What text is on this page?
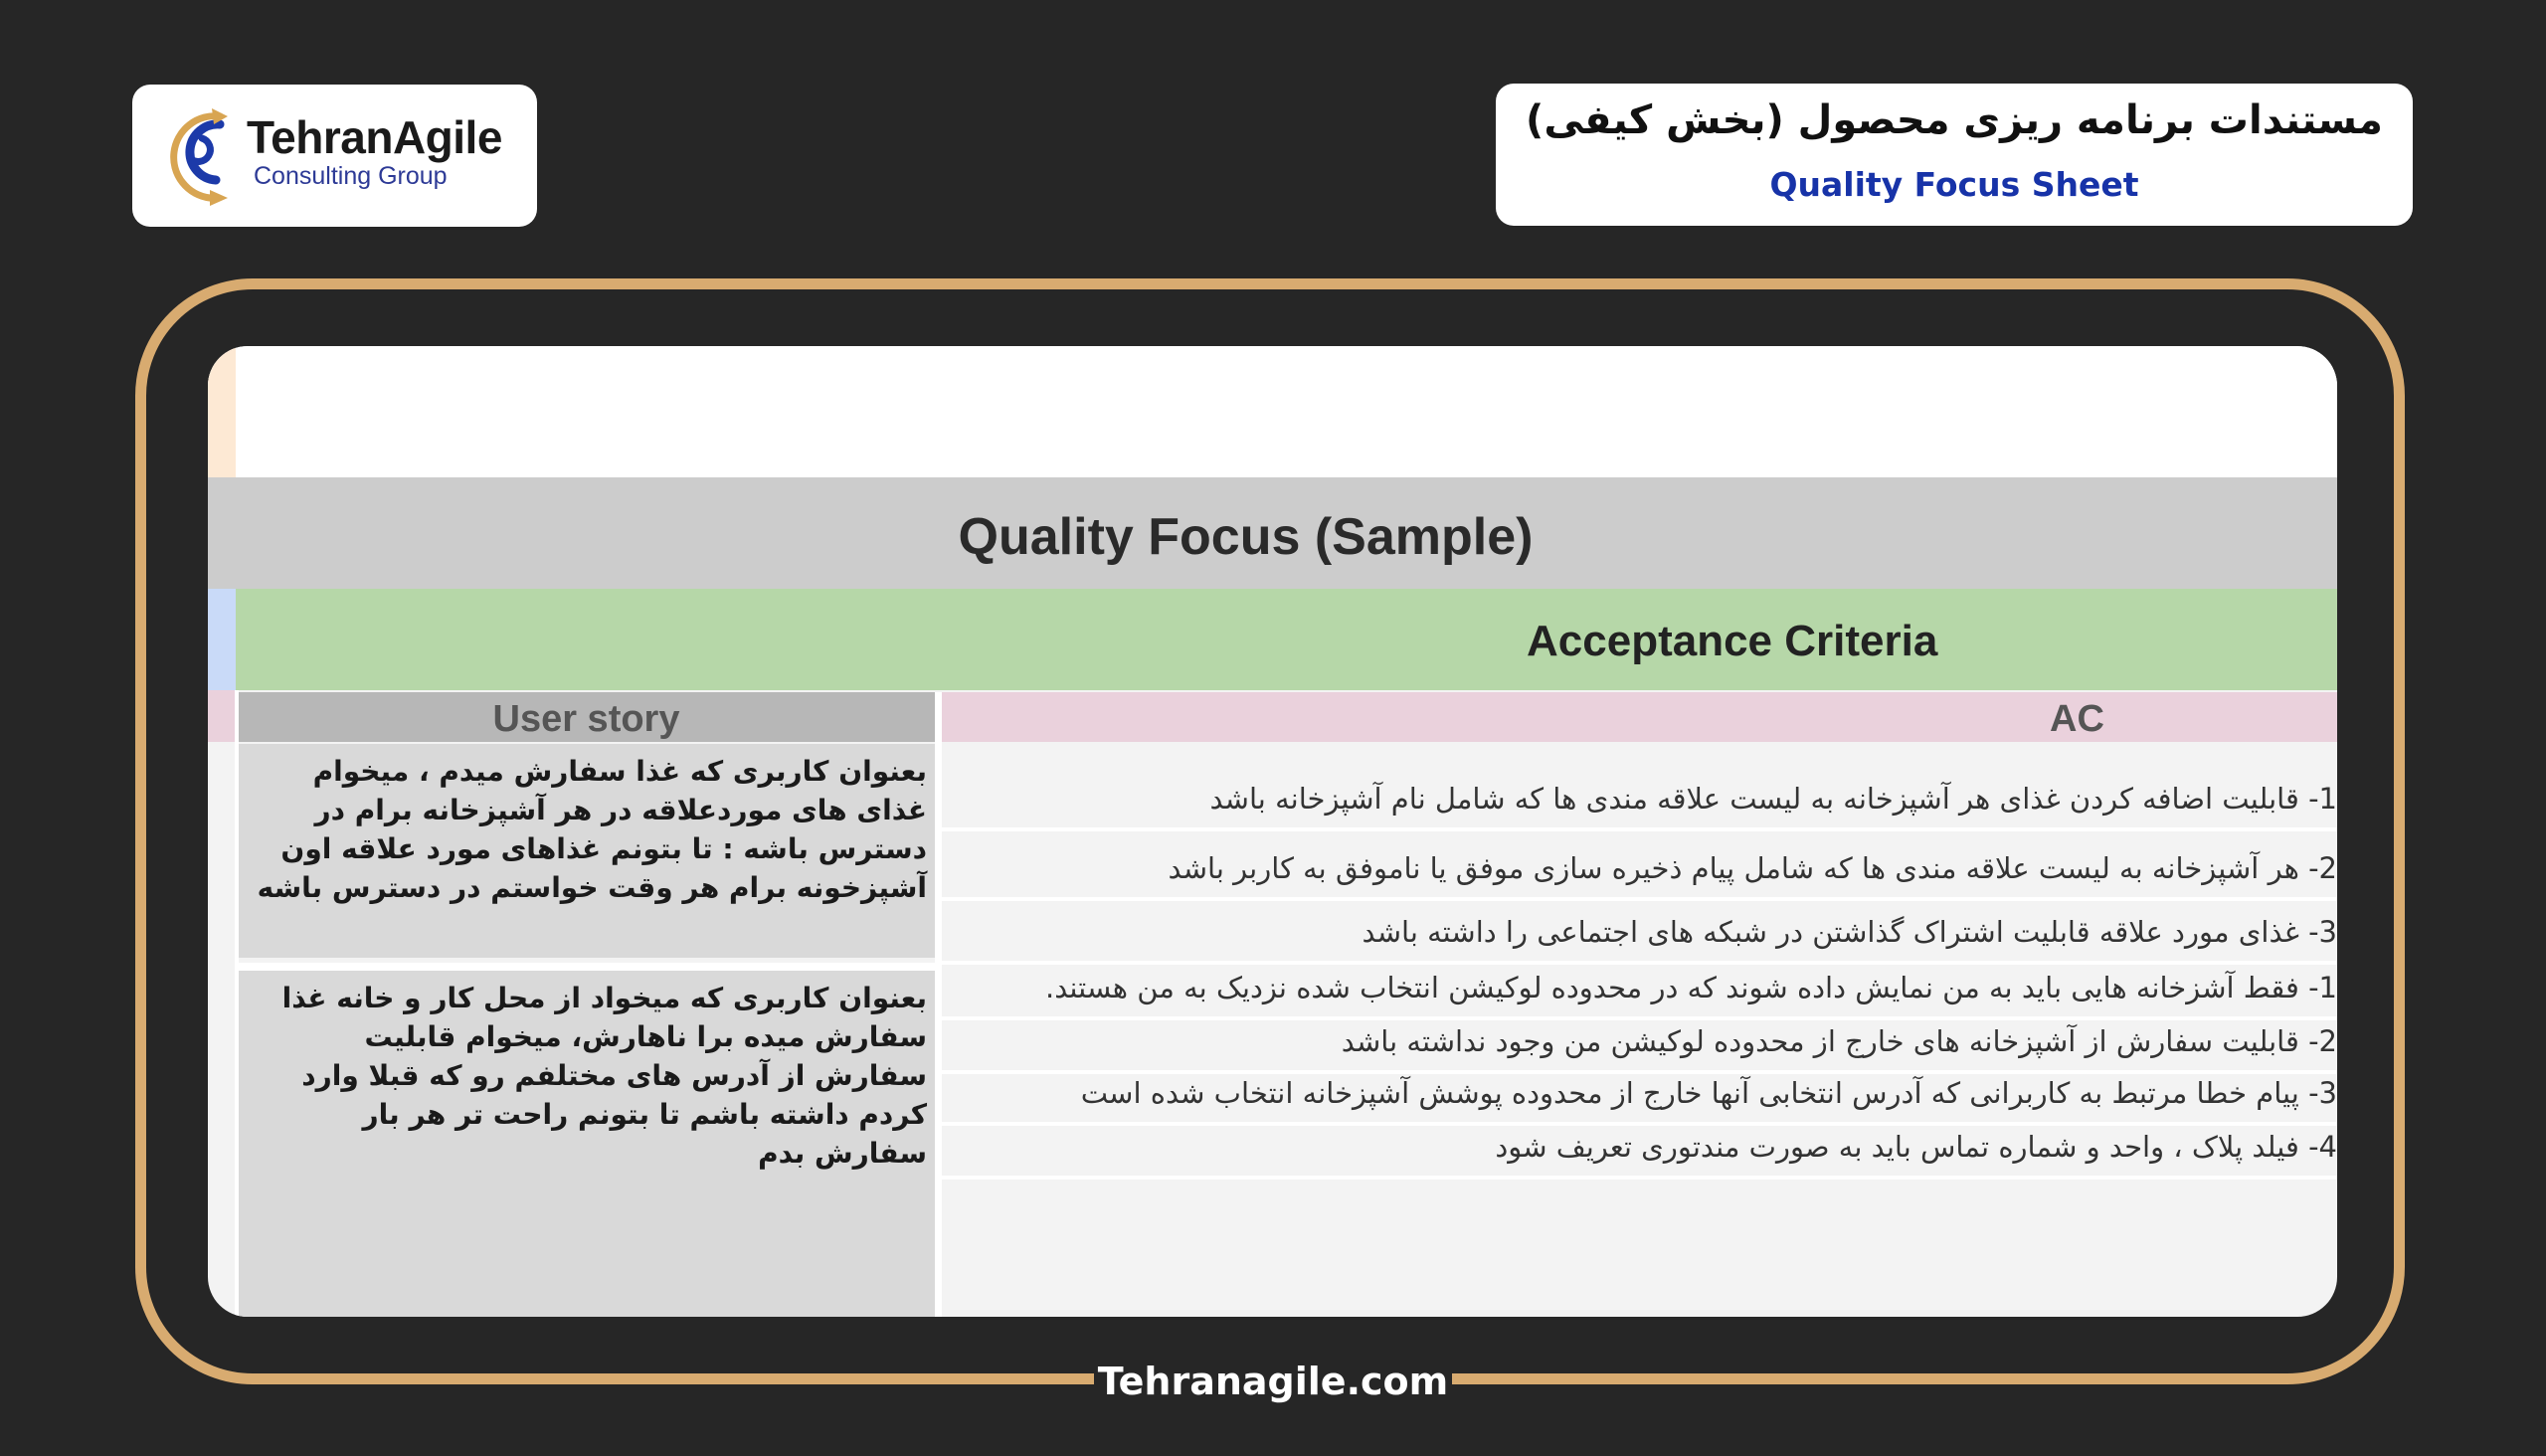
TehranAgile
Consulting Group
مستندات برنامه ریزی محصول (بخش کیفی)
Quality Focus Sheet
Tehranagile.com
Quality Focus (Sample)
Acceptance Criteria
User story	AC
بعنوان کاربری که غذا سفارش میدم ، میخوام غذای های موردعلاقه در هر آشپزخانه برام در دسترس باشه : تا بتونم غذاهای مورد علاقه اون آشپزخونه برام هر وقت خواستم در دسترس باشه
1- قابلیت اضافه کردن غذای هر آشپزخانه به لیست علاقه مندی ها که شامل نام آشپزخانه باشد
2- هر آشپزخانه به لیست علاقه مندی ها که شامل پیام ذخیره سازی موفق یا ناموفق به کاربر باشد
3- غذای مورد علاقه قابلیت اشتراک گذاشتن در شبکه های اجتماعی را داشته باشد
بعنوان کاربری که میخواد از محل کار و خانه غذا سفارش میده برا ناهارش، میخوام قابلیت سفارش از آدرس های مختلفم رو که قبلا وارد کردم داشته باشم تا بتونم راحت تر هر بار سفارش بدم
1- فقط آشزخانه هایی باید به من نمایش داده شوند که در محدوده لوکیشن انتخاب شده نزدیک به من هستند.
2- قابلیت سفارش از آشپزخانه های خارج از محدوده لوکیشن من وجود نداشته باشد
3- پیام خطا مرتبط به کاربرانی که آدرس انتخابی آنها خارج از محدوده پوشش آشپزخانه انتخاب شده است
4- فیلد پلاک ، واحد و شماره تماس باید به صورت مندتوری تعریف شود
